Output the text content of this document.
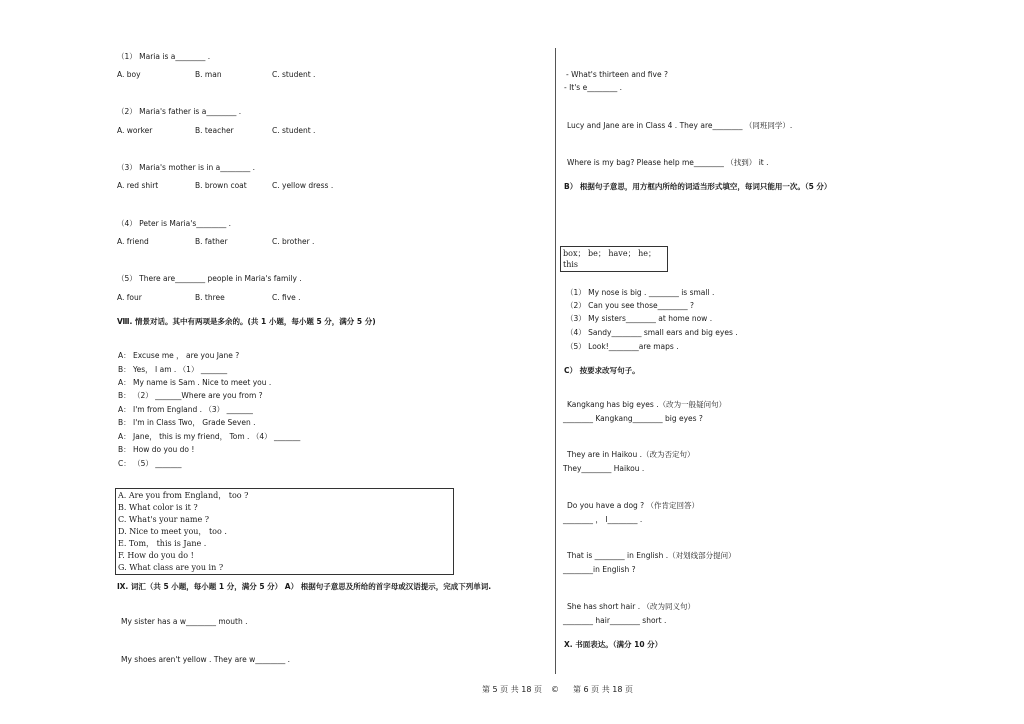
（1） Maria is a________ .
A. boy	B. man	C. student .
（2） Maria's father is a________ .
A. worker	B. teacher	C. student .
（3） Maria's mother is in a________ .
A. red shirt	B. brown coat	C. yellow dress .
（4） Peter is Maria's________ .
A. friend	B. father	C. brother .
（5） There are________ people in Maria's family .
A. four	B. three	C. five .
Ⅷ. 情景对话。其中有两项是多余的。(共 1 小题，每小题 5 分，满分 5 分)
A： Excuse me ， are you Jane ?
B： Yes， I am . （1） _______
A： My name is Sam . Nice to meet you .
B： （2） _______Where are you from ?
A： I'm from England . （3） _______
B： I'm in Class Two， Grade Seven .
A： Jane， this is my friend， Tom . （4） _______
B： How do you do !
C： （5） _______
A. Are you from England， too ?
B. What color is it ?
C. What's your name ?
D. Nice to meet you， too .
E. Tom， this is Jane .
F. How do you do !
G. What class are you in ?
Ⅸ. 词汇（共 5 小题，每小题 1 分，满分 5 分） A） 根据句子意思及所给的首字母或汉语提示，完成下列单词.
My sister has a w________ mouth .
My shoes aren't yellow . They are w________ .
- What's thirteen and five ?
- It's e________ .
Lucy and Jane are in Class 4 . They are________ （同班同学）.
Where is my bag? Please help me________ （找到） it .
B） 根据句子意思，用方框内所给的词适当形式填空，每词只能用一次。（5 分）
box； be； have； he；
this
（1） My nose is big . ________ is small .
（2） Can you see those________ ?
（3） My sisters________ at home now .
（4） Sandy________ small ears and big eyes .
（5） Look!________are maps .
C） 按要求改写句子。
Kangkang has big eyes .（改为一般疑问句）
________ Kangkang________ big eyes ?
They are in Haikou .（改为否定句）
They________ Haikou .
Do you have a dog ? （作肯定回答）
________ ， I________ .
That is ________ in English .（对划线部分提问）
________in English ?
She has short hair . （改为同义句）
________ hair________ short .
X. 书面表达。（满分 10 分）
第 5 页 共 18 页 © 第 6 页 共 18 页
